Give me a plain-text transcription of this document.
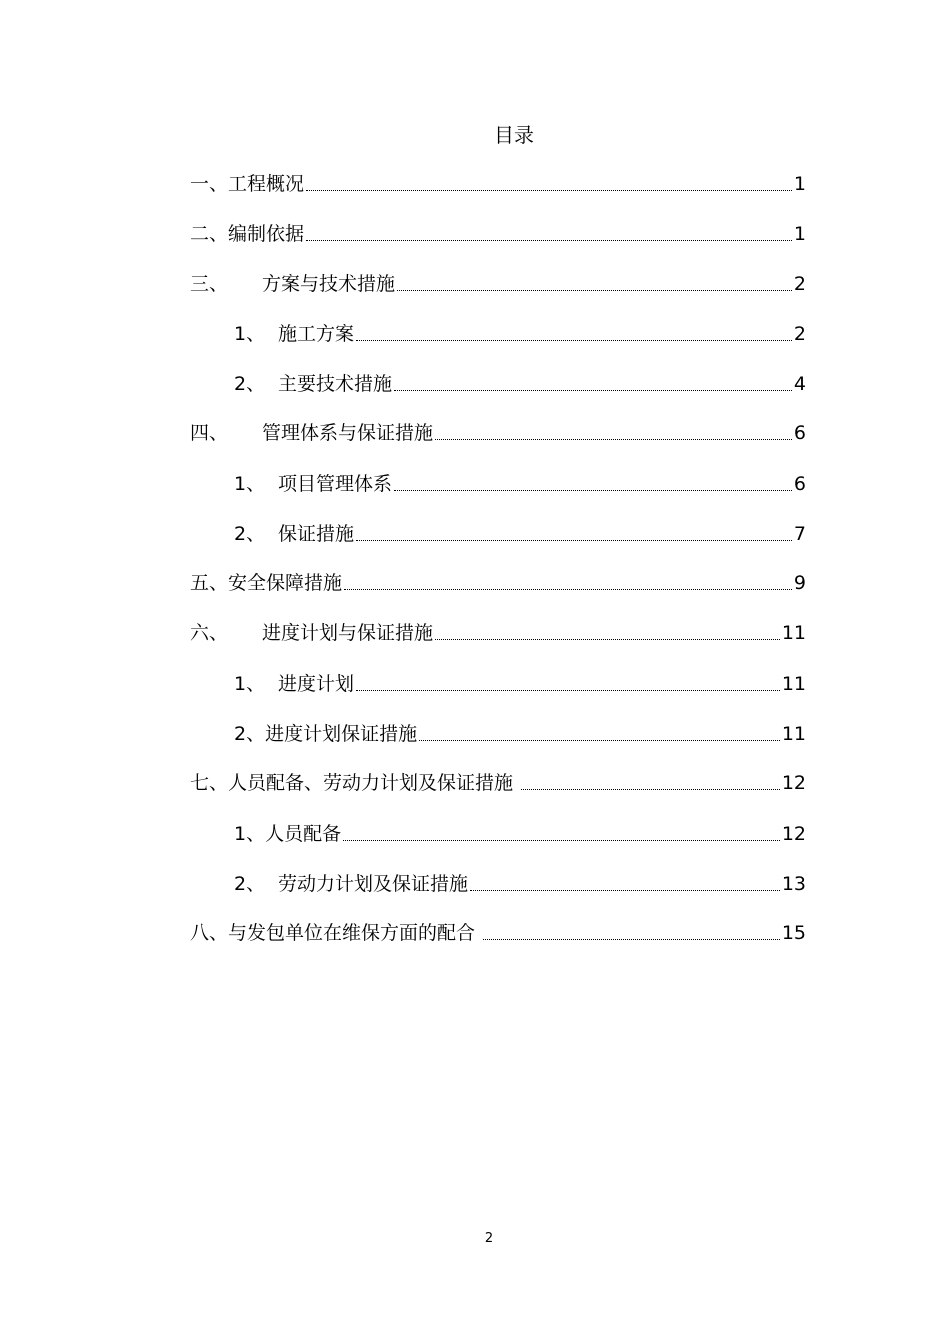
目录
一、 工程概况	1
二、 编制依据	1
三、	方案与技术措施	2
1、 施工方案	2
2、 主要技术措施	4
四、	管理体系与保证措施	6
1、 项目管理体系	6
2、 保证措施	7
五、 安全保障措施	9
六、	进度计划与保证措施	11
1、 进度计划	11
2、 进度计划保证措施	11
七、 人员配备、劳动力计划及保证措施	12
1、 人员配备	12
2、 劳动力计划及保证措施	13
八、 与发包单位在维保方面的配合	15
2
